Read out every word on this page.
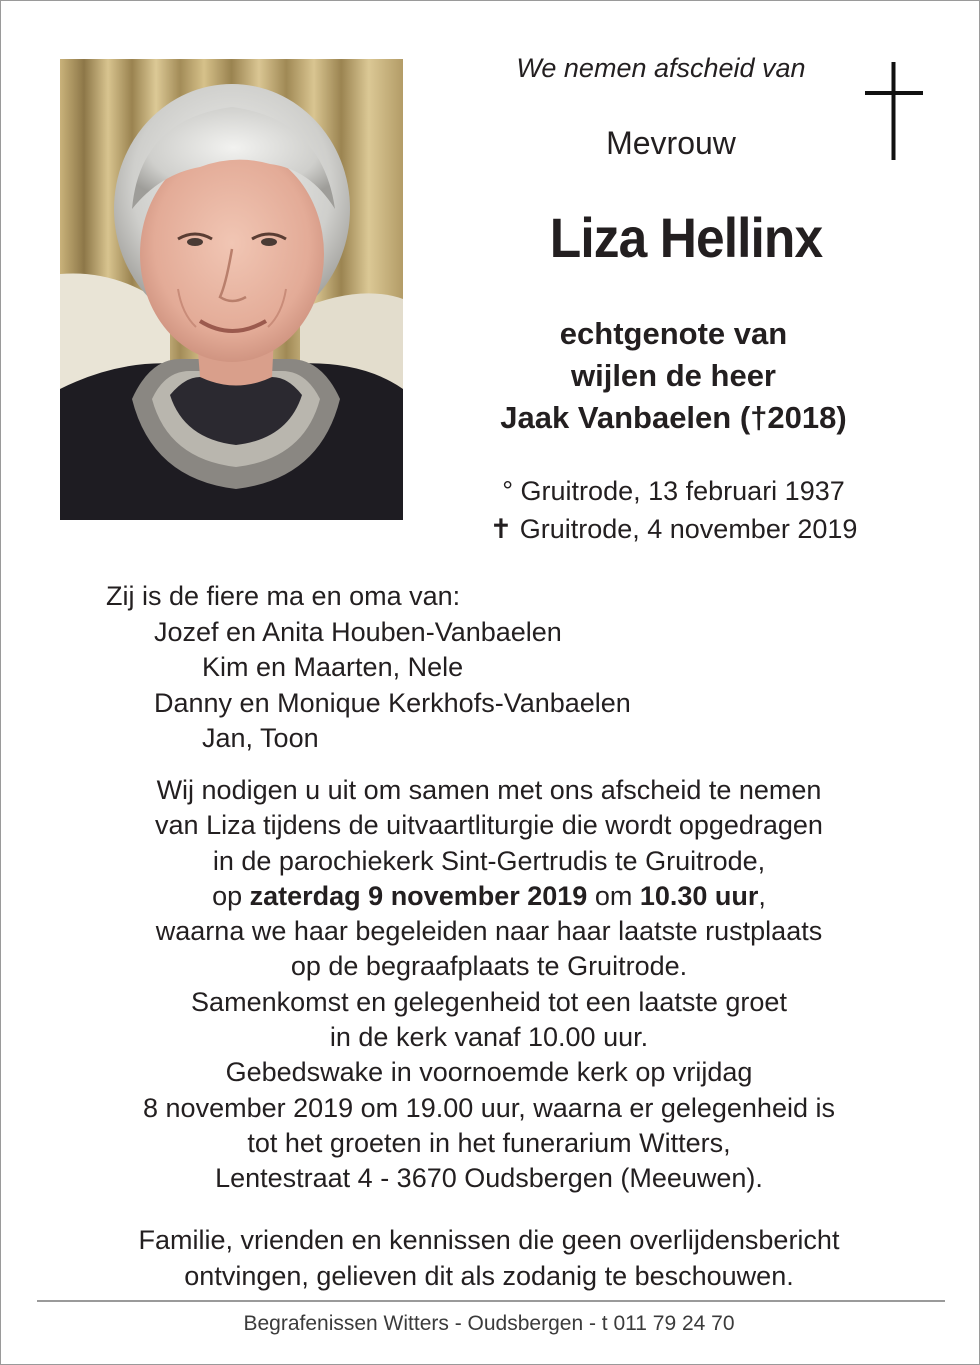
We nemen afscheid van
Mevrouw
Liza Hellinx
echtgenote van
wijlen de heer
Jaak Vanbaelen (†2018)
° Gruitrode, 13 februari 1937
✝ Gruitrode, 4 november 2019
Zij is de fiere ma en oma van:
Jozef en Anita Houben-Vanbaelen
Kim en Maarten, Nele
Danny en Monique Kerkhofs-Vanbaelen
Jan, Toon
Wij nodigen u uit om samen met ons afscheid te nemen
van Liza tijdens de uitvaartliturgie die wordt opgedragen
in de parochiekerk Sint-Gertrudis te Gruitrode,
op zaterdag 9 november 2019 om 10.30 uur,
waarna we haar begeleiden naar haar laatste rustplaats
op de begraafplaats te Gruitrode.
Samenkomst en gelegenheid tot een laatste groet
in de kerk vanaf 10.00 uur.
Gebedswake in voornoemde kerk op vrijdag
8 november 2019 om 19.00 uur, waarna er gelegenheid is
tot het groeten in het funerarium Witters,
Lentestraat 4 - 3670 Oudsbergen (Meeuwen).
Familie, vrienden en kennissen die geen overlijdensbericht
ontvingen, gelieven dit als zodanig te beschouwen.
Begrafenissen Witters - Oudsbergen - t 011 79 24 70
